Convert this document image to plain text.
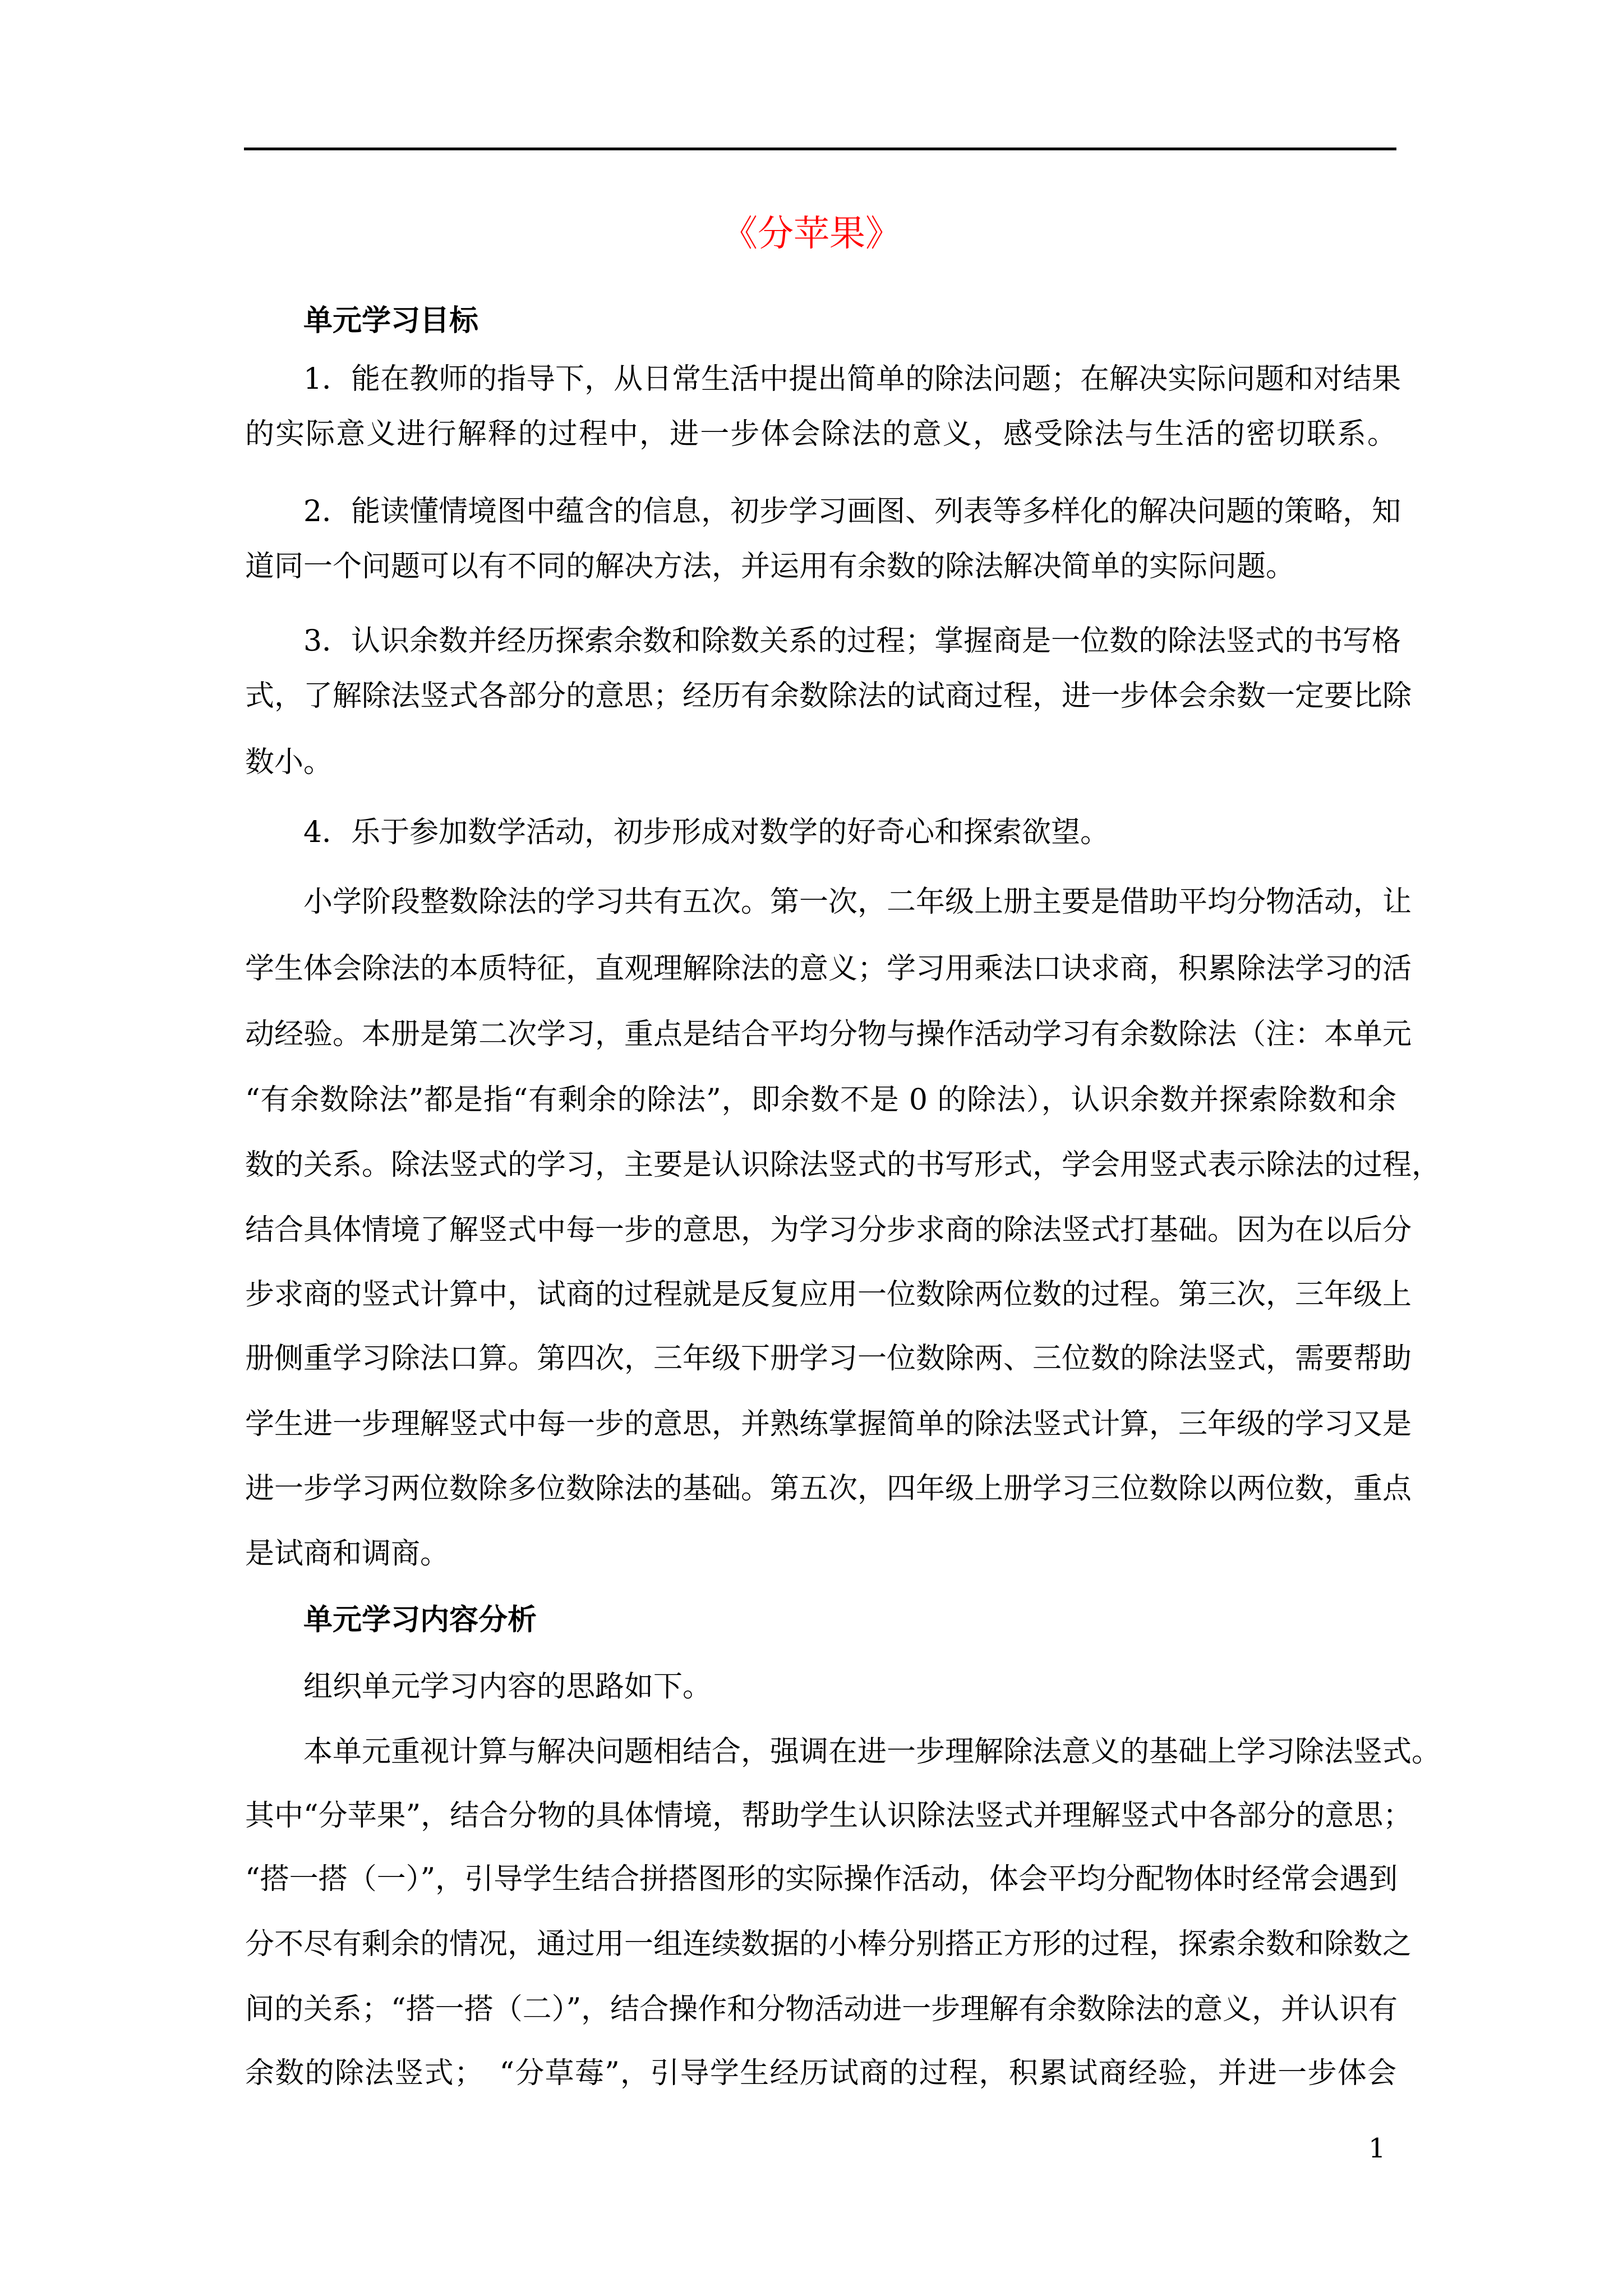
《分苹果》
单元学习目标
1．能在教师的指导下，从日常生活中提出简单的除法问题；在解决实际问题和对结果
的实际意义进行解释的过程中，进一步体会除法的意义，感受除法与生活的密切联系。
2．能读懂情境图中蕴含的信息，初步学习画图、列表等多样化的解决问题的策略，知
道同一个问题可以有不同的解决方法，并运用有余数的除法解决简单的实际问题。
3．认识余数并经历探索余数和除数关系的过程；掌握商是一位数的除法竖式的书写格
式，了解除法竖式各部分的意思；经历有余数除法的试商过程，进一步体会余数一定要比除
数小。
4．乐于参加数学活动，初步形成对数学的好奇心和探索欲望。
小学阶段整数除法的学习共有五次。第一次，二年级上册主要是借助平均分物活动，让
学生体会除法的本质特征，直观理解除法的意义；学习用乘法口诀求商，积累除法学习的活
动经验。本册是第二次学习，重点是结合平均分物与操作活动学习有余数除法（注：本单元
“有余数除法”都是指“有剩余的除法”，即余数不是 0 的除法），认识余数并探索除数和余
数的关系。除法竖式的学习，主要是认识除法竖式的书写形式，学会用竖式表示除法的过程，
结合具体情境了解竖式中每一步的意思，为学习分步求商的除法竖式打基础。因为在以后分
步求商的竖式计算中，试商的过程就是反复应用一位数除两位数的过程。第三次，三年级上
册侧重学习除法口算。第四次，三年级下册学习一位数除两、三位数的除法竖式，需要帮助
学生进一步理解竖式中每一步的意思，并熟练掌握简单的除法竖式计算，三年级的学习又是
进一步学习两位数除多位数除法的基础。第五次，四年级上册学习三位数除以两位数，重点
是试商和调商。
单元学习内容分析
组织单元学习内容的思路如下。
本单元重视计算与解决问题相结合，强调在进一步理解除法意义的基础上学习除法竖式。
其中“分苹果”，结合分物的具体情境，帮助学生认识除法竖式并理解竖式中各部分的意思；
“搭一搭（一）”，引导学生结合拼搭图形的实际操作活动，体会平均分配物体时经常会遇到
分不尽有剩余的情况，通过用一组连续数据的小棒分别搭正方形的过程，探索余数和除数之
间的关系；“搭一搭（二）”，结合操作和分物活动进一步理解有余数除法的意义，并认识有
余数的除法竖式；　“分草莓”，引导学生经历试商的过程，积累试商经验，并进一步体会
1
